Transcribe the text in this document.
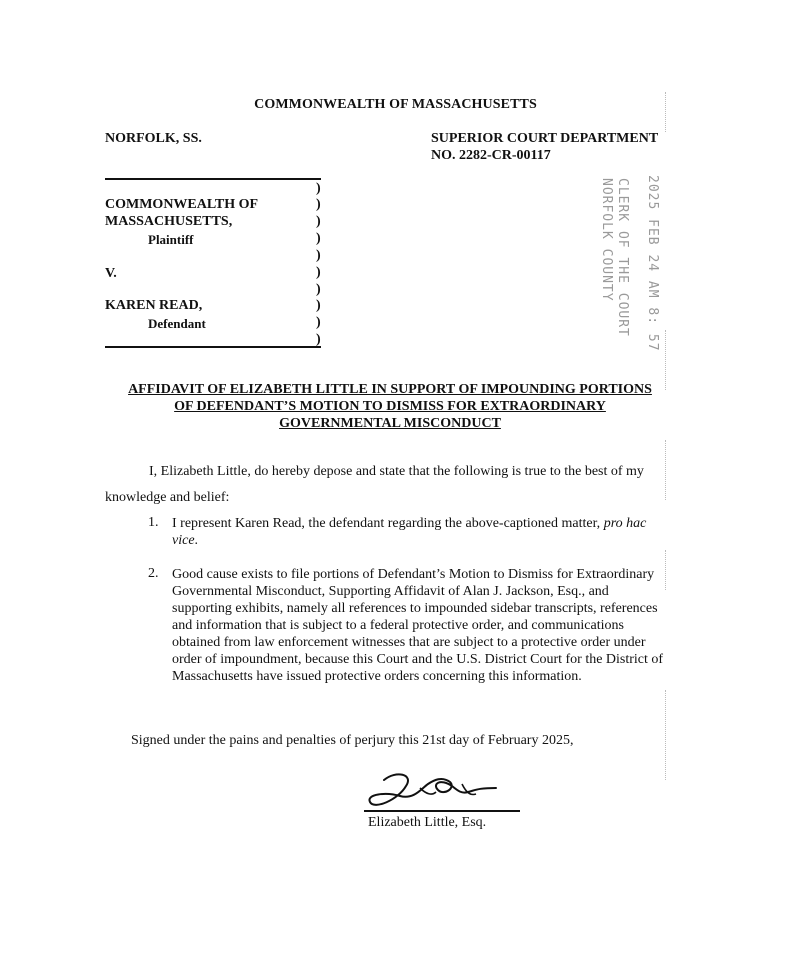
COMMONWEALTH OF MASSACHUSETTS
NORFOLK, SS.	SUPERIOR COURT DEPARTMENT
NO. 2282-CR-00117
COMMONWEALTH OF
MASSACHUSETTS,
Plaintiff
V.
KAREN READ,
Defendant
)
)
)
)
)
)
)
)
)
)
CLERK OF THE COURT
NORFOLK COUNTY 2025 FEB 24 AM 8: 57
AFFIDAVIT OF ELIZABETH LITTLE IN SUPPORT OF IMPOUNDING PORTIONS
OF DEFENDANT’S MOTION TO DISMISS FOR EXTRAORDINARY
GOVERNMENTAL MISCONDUCT
I, Elizabeth Little, do hereby depose and state that the following is true to the best of my
knowledge and belief:
1. I represent Karen Read, the defendant regarding the above-captioned matter, pro hac vice.
2. Good cause exists to file portions of Defendant’s Motion to Dismiss for Extraordinary Governmental Misconduct, Supporting Affidavit of Alan J. Jackson, Esq., and supporting exhibits, namely all references to impounded sidebar transcripts, references and information that is subject to a federal protective order, and communications obtained from law enforcement witnesses that are subject to a protective order under order of impoundment, because this Court and the U.S. District Court for the District of Massachusetts have issued protective orders concerning this information.
Signed under the pains and penalties of perjury this 21st day of February 2025,
Elizabeth Little, Esq.
